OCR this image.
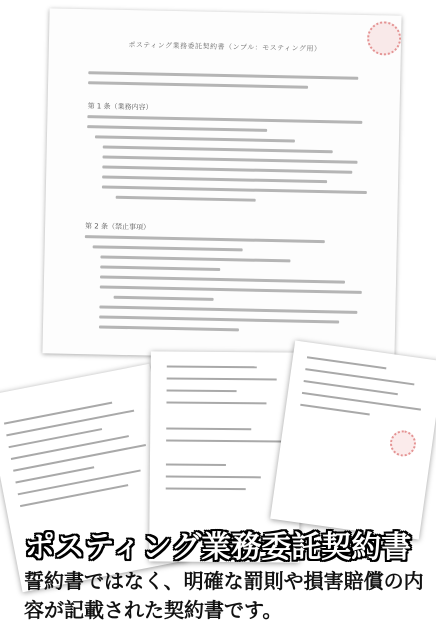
ポスティング業務委託契約書（ンプル：モスティング用）
第 1 条（業務内容）
第 2 条（禁止事項）
ポスティング業務委託契約書
誓約書ではなく、明確な罰則や損害賠償の内容が記載された契約書です。
